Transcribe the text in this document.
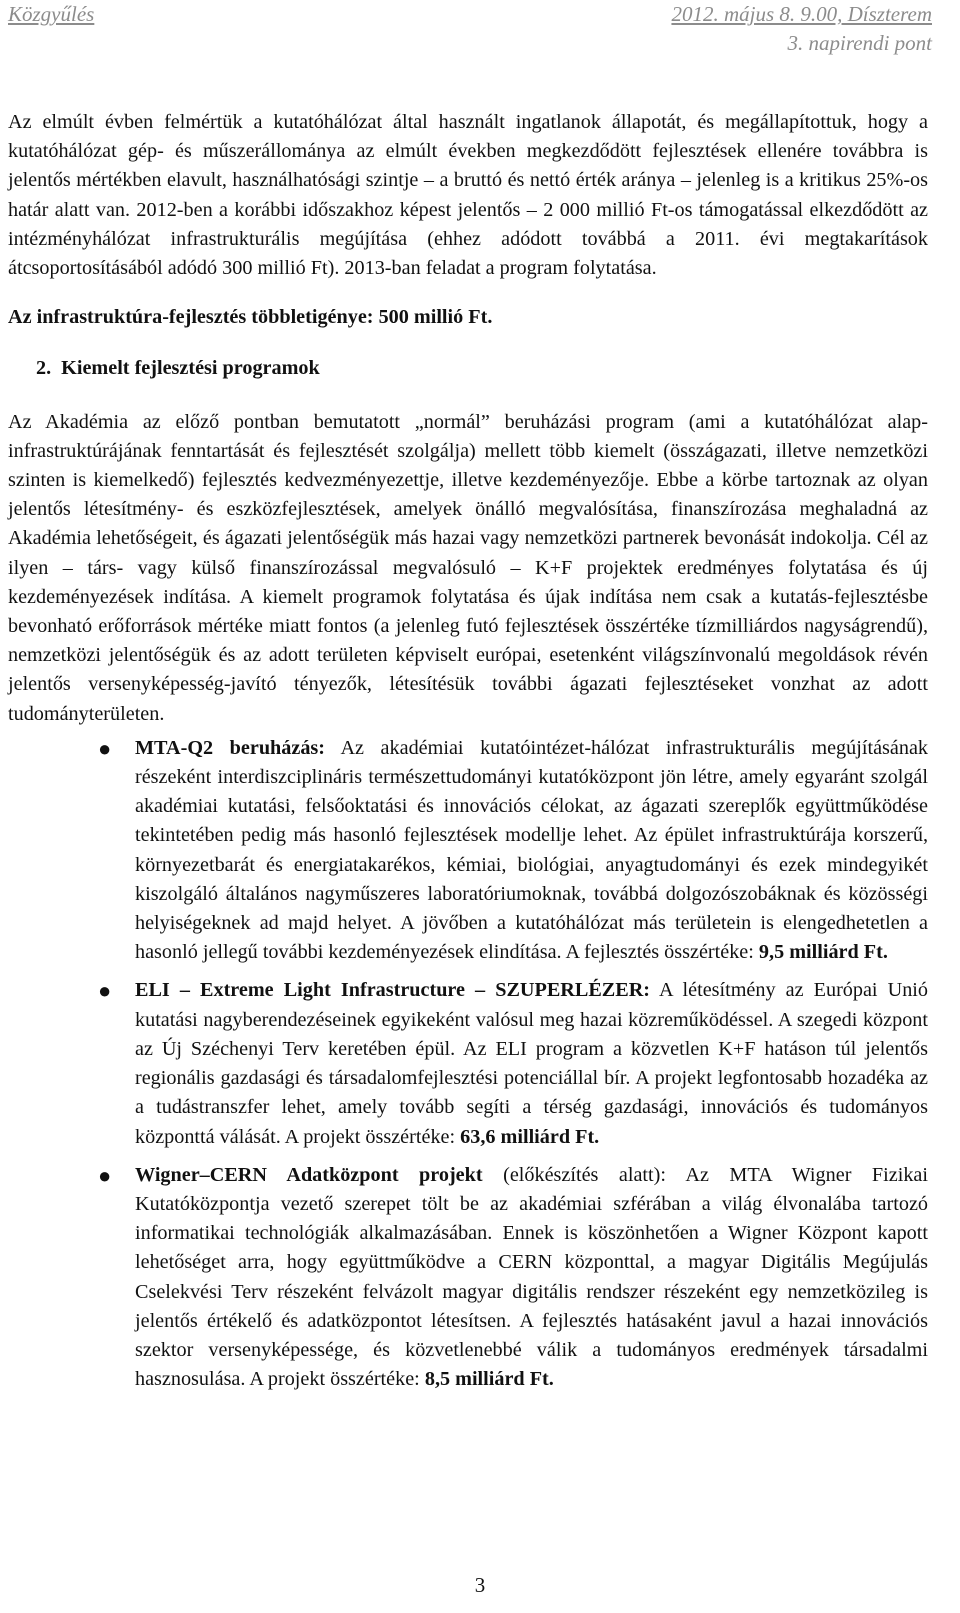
Közgyűlés	2012. május 8. 9.00, Díszterem
3. napirendi pont

Az elmúlt évben felmértük a kutatóhálózat által használt ingatlanok állapotát, és megállapítottuk, hogy a kutatóhálózat gép- és műszerállománya az elmúlt években megkezdődött fejlesztések ellenére továbbra is jelentős mértékben elavult, használhatósági szintje – a bruttó és nettó érték aránya – jelenleg is a kritikus 25%-os határ alatt van. 2012-ben a korábbi időszakhoz képest jelentős – 2 000 millió Ft-os támogatással elkezdődött az intézményhálózat infrastrukturális megújítása (ehhez adódott továbbá a 2011. évi megtakarítások átcsoportosításából adódó 300 millió Ft). 2013-ban feladat a program folytatása.

Az infrastruktúra-fejlesztés többletigénye: 500 millió Ft.

2. Kiemelt fejlesztési programok

Az Akadémia az előző pontban bemutatott „normál” beruházási program (ami a kutatóhálózat alap-infrastruktúrájának fenntartását és fejlesztését szolgálja) mellett több kiemelt (összágazati, illetve nemzetközi szinten is kiemelkedő) fejlesztés kedvezményezettje, illetve kezdeményezője. Ebbe a körbe tartoznak az olyan jelentős létesítmény- és eszközfejlesztések, amelyek önálló megvalósítása, finanszírozása meghaladná az Akadémia lehetőségeit, és ágazati jelentőségük más hazai vagy nemzetközi partnerek bevonását indokolja. Cél az ilyen – társ- vagy külső finanszírozással megvalósuló – K+F projektek eredményes folytatása és új kezdeményezések indítása. A kiemelt programok folytatása és újak indítása nem csak a kutatás-fejlesztésbe bevonható erőforrások mértéke miatt fontos (a jelenleg futó fejlesztések összértéke tízmilliárdos nagyságrendű), nemzetközi jelentőségük és az adott területen képviselt európai, esetenként világszínvonalú megoldások révén jelentős versenyképesség-javító tényezők, létesítésük további ágazati fejlesztéseket vonzhat az adott tudományterületen.

● MTA-Q2 beruházás: Az akadémiai kutatóintézet-hálózat infrastrukturális megújításának részeként interdiszciplináris természettudományi kutatóközpont jön létre, amely egyaránt szolgál akadémiai kutatási, felsőoktatási és innovációs célokat, az ágazati szereplők együttműködése tekintetében pedig más hasonló fejlesztések modellje lehet. Az épület infrastruktúrája korszerű, környezetbarát és energiatakarékos, kémiai, biológiai, anyagtudományi és ezek mindegyikét kiszolgáló általános nagyműszeres laboratóriumoknak, továbbá dolgozószobáknak és közösségi helyiségeknek ad majd helyet. A jövőben a kutatóhálózat más területein is elengedhetetlen a hasonló jellegű további kezdeményezések elindítása. A fejlesztés összértéke: 9,5 milliárd Ft.
● ELI – Extreme Light Infrastructure – SZUPERLÉZER: A létesítmény az Európai Unió kutatási nagyberendezéseinek egyikeként valósul meg hazai közreműködéssel. A szegedi központ az Új Széchenyi Terv keretében épül. Az ELI program a közvetlen K+F hatáson túl jelentős regionális gazdasági és társadalomfejlesztési potenciállal bír. A projekt legfontosabb hozadéka az a tudástranszfer lehet, amely tovább segíti a térség gazdasági, innovációs és tudományos központtá válását. A projekt összértéke: 63,6 milliárd Ft.
● Wigner–CERN Adatközpont projekt (előkészítés alatt): Az MTA Wigner Fizikai Kutatóközpontja vezető szerepet tölt be az akadémiai szférában a világ élvonalába tartozó informatikai technológiák alkalmazásában. Ennek is köszönhetően a Wigner Központ kapott lehetőséget arra, hogy együttműködve a CERN központtal, a magyar Digitális Megújulás Cselekvési Terv részeként felvázolt magyar digitális rendszer részeként egy nemzetközileg is jelentős értékelő és adatközpontot létesítsen. A fejlesztés hatásaként javul a hazai innovációs szektor versenyképessége, és közvetlenebbé válik a tudományos eredmények társadalmi hasznosulása. A projekt összértéke: 8,5 milliárd Ft.
3
